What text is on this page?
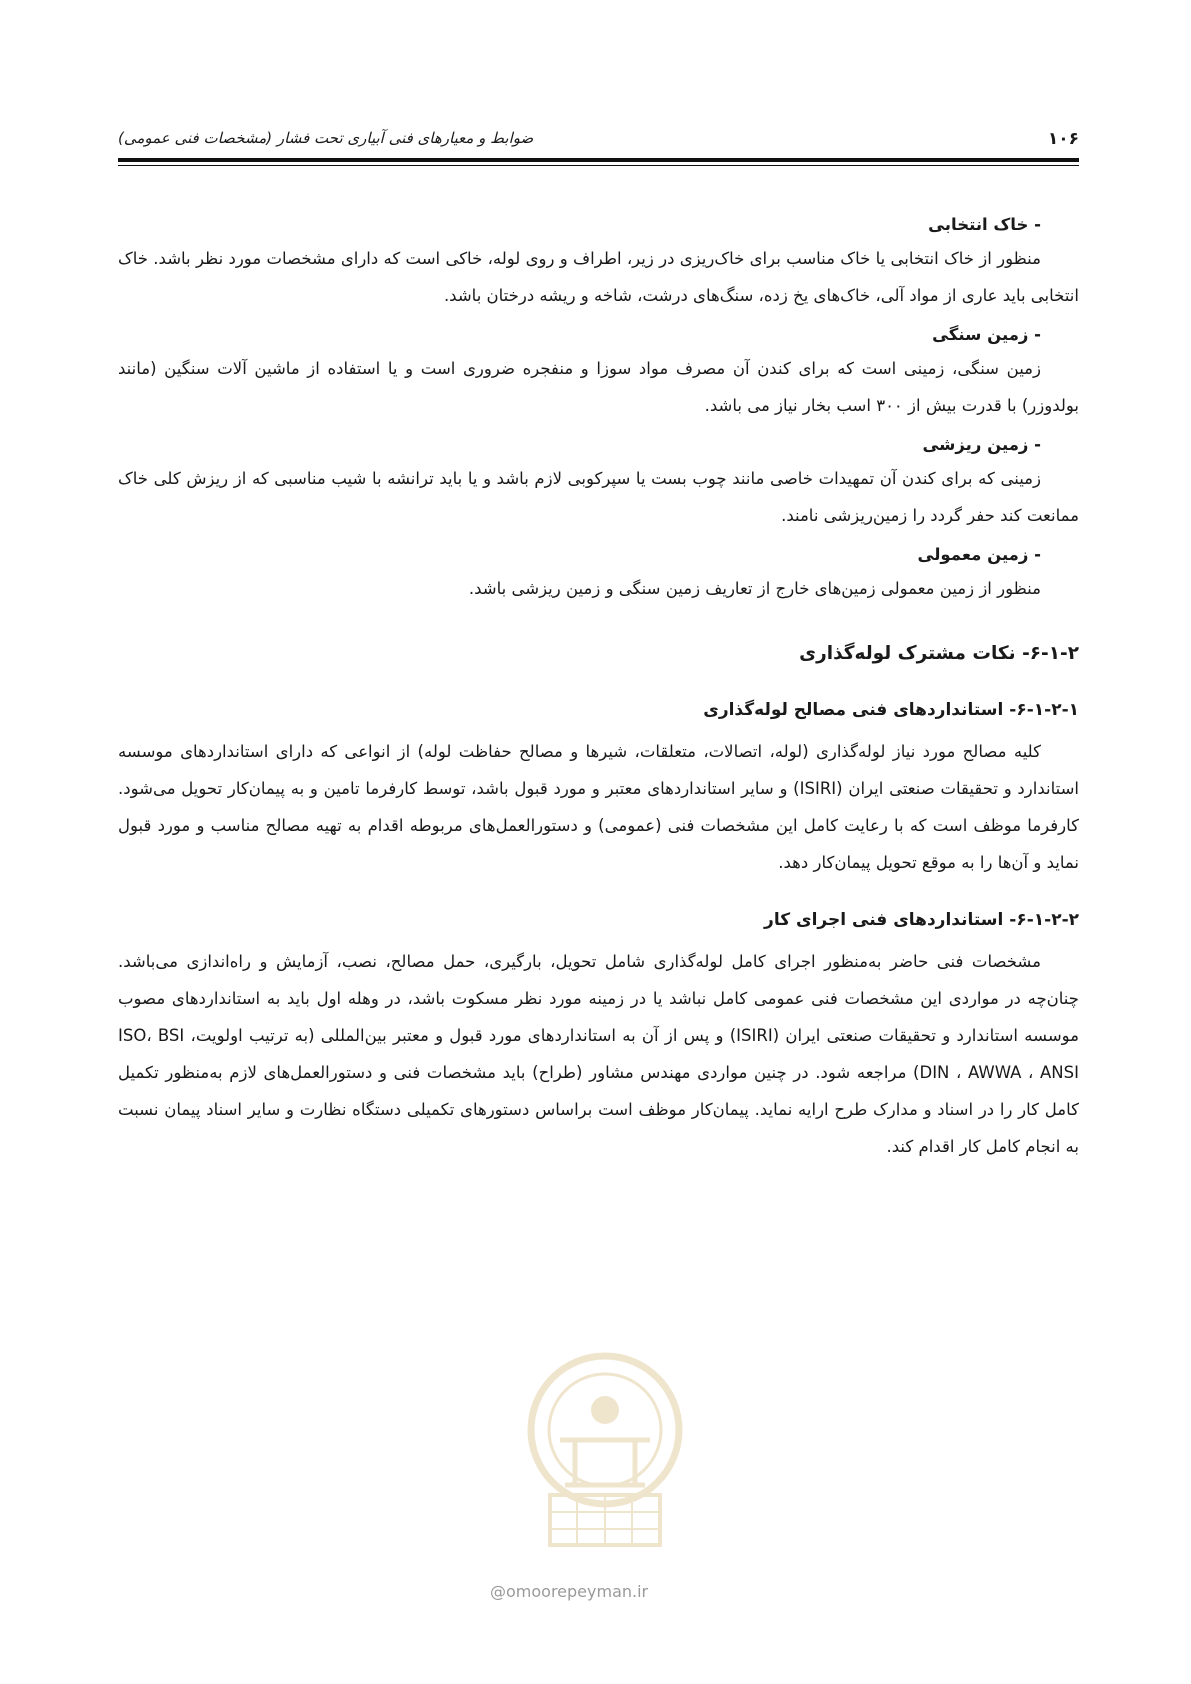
۱۰۶
ضوابط و معیارهای فنی آبیاری تحت فشار (مشخصات فنی عمومی)

- خاک انتخابی

منظور از خاک انتخابی یا خاک مناسب برای خاک‌ریزی در زیر، اطراف و روی لوله، خاکی است که دارای مشخصات مورد نظر باشد. خاک انتخابی باید عاری از مواد آلی، خاک‌های یخ زده، سنگ‌های درشت، شاخه و ریشه درختان باشد.

- زمین سنگی

زمین سنگی، زمینی است که برای کندن آن مصرف مواد سوزا و منفجره ضروری است و یا استفاده از ماشین آلات سنگین (مانند بولدوزر) با قدرت بیش از ۳۰۰ اسب بخار نیاز می باشد.

- زمین ریزشی

زمینی که برای کندن آن تمهیدات خاصی مانند چوب بست یا سپرکوبی لازم باشد و یا باید ترانشه با شیب مناسبی که از ریزش کلی خاک ممانعت کند حفر گردد را زمین‌ریزشی نامند.

- زمین معمولی

منظور از زمین معمولی زمین‌های خارج از تعاریف زمین سنگی و زمین ریزشی باشد.

۶-۱-۲- نکات مشترک لوله‌گذاری
۶-۱-۲-۱- استانداردهای فنی مصالح لوله‌گذاری

کلیه مصالح مورد نیاز لوله‌گذاری (لوله، اتصالات، متعلقات، شیرها و مصالح حفاظت لوله) از انواعی که دارای استانداردهای موسسه استاندارد و تحقیقات صنعتی ایران (ISIRI) و سایر استانداردهای معتبر و مورد قبول باشد، توسط کارفرما تامین و به پیمان‌کار تحویل می‌شود. کارفرما موظف است که با رعایت کامل این مشخصات فنی (عمومی) و دستورالعمل‌های مربوطه اقدام به تهیه مصالح مناسب و مورد قبول نماید و آن‌ها را به موقع تحویل پیمان‌کار دهد.

۶-۱-۲-۲- استانداردهای فنی اجرای کار

مشخصات فنی حاضر به‌منظور اجرای کامل لوله‌گذاری شامل تحویل، بارگیری، حمل مصالح، نصب، آزمایش و راه‌اندازی می‌باشد. چنان‌چه در مواردی این مشخصات فنی عمومی کامل نباشد یا در زمینه مورد نظر مسکوت باشد، در وهله اول باید به استانداردهای مصوب موسسه استاندارد و تحقیقات صنعتی ایران (ISIRI) و پس از آن به استانداردهای مورد قبول و معتبر بین‌المللی (به ترتیب اولویتISO، BSI ، DIN ، AWWA ، ANSI) مراجعه شود. در چنین مواردی مهندس مشاور (طراح) باید مشخصات فنی و دستورالعمل‌های لازم به‌منظور تکمیل کامل کار را در اسناد و مدارک طرح ارایه نماید. پیمان‌کار موظف است براساس دستورهای تکمیلی دستگاه نظارت و سایر اسناد پیمان نسبت به انجام کامل کار اقدام کند.

@omoorepeyman.ir
